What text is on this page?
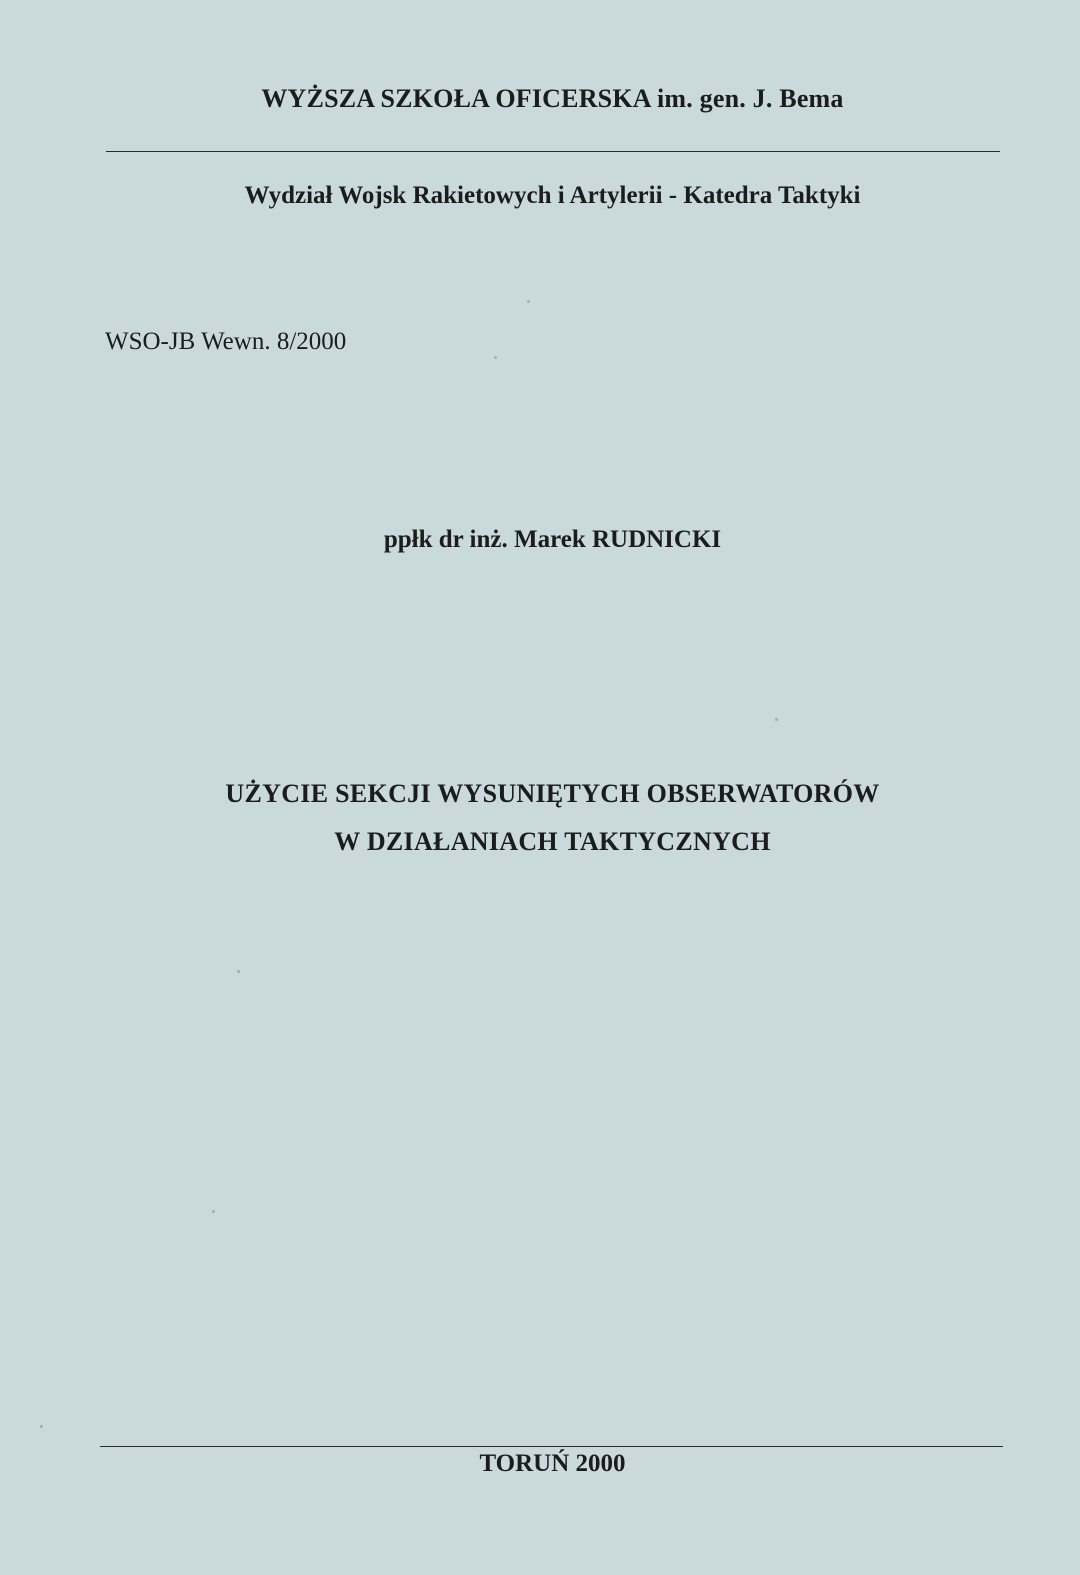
WYŻSZA SZKOŁA OFICERSKA im. gen. J. Bema
Wydział Wojsk Rakietowych i Artylerii - Katedra Taktyki
WSO-JB Wewn. 8/2000
ppłk dr inż. Marek RUDNICKI
UŻYCIE SEKCJI WYSUNIĘTYCH OBSERWATORÓW
W DZIAŁANIACH TAKTYCZNYCH
TORUŃ 2000
